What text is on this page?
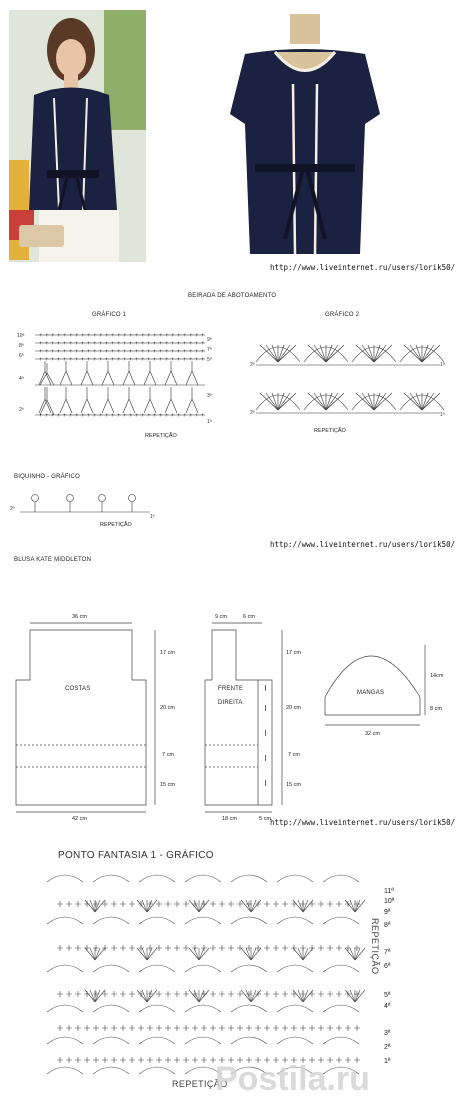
http://www.liveinternet.ru/users/lorik50/
http://www.liveinternet.ru/users/lorik50/
http://www.liveinternet.ru/users/lorik50/
BEIRADA DE ABOTOAMENTO
GRÁFICO 1	GRÁFICO 2
10ª
8ª
6ª
4ª
2ª
9ª
7ª
5ª
3ª
1ª
+ + + + + + + + + + + + + + + + + + + + + + + + + + + +
+ + + + + + + + + + + + + + + + + + + + + + + + + + + +
+ + + + + + + + + + + + + + + + + + + + + + + + + + + +
+ + + + + + + + + + + + + + + + + + + + + + + + + + + +
+ + + + + + + + + + + + + + + + + + + + + + + + + + + +
REPETIÇÃO
2ª
2ª
1ª
1ª
REPETIÇÃO
BIQUINHO - GRÁFICO
2ª
1ª
REPETIÇÃO
BLUSA KATE MIDDLETON
36 cm
COSTAS
42 cm
17 cm
20 cm
7 cm
15 cm
9 cm	6 cm
FRENTE
DIREITA
18 cm	5 cm
17 cm
20 cm
7 cm
15 cm
MANGAS
32 cm
14cm
8 cm
PONTO FANTASIA 1 - GRÁFICO
11ª
10ª
9ª
8ª
7ª
6ª
5ª
4ª
3ª
2ª
1ª
REPETIÇÃO
REPETIÇÃO
Postila.ru
